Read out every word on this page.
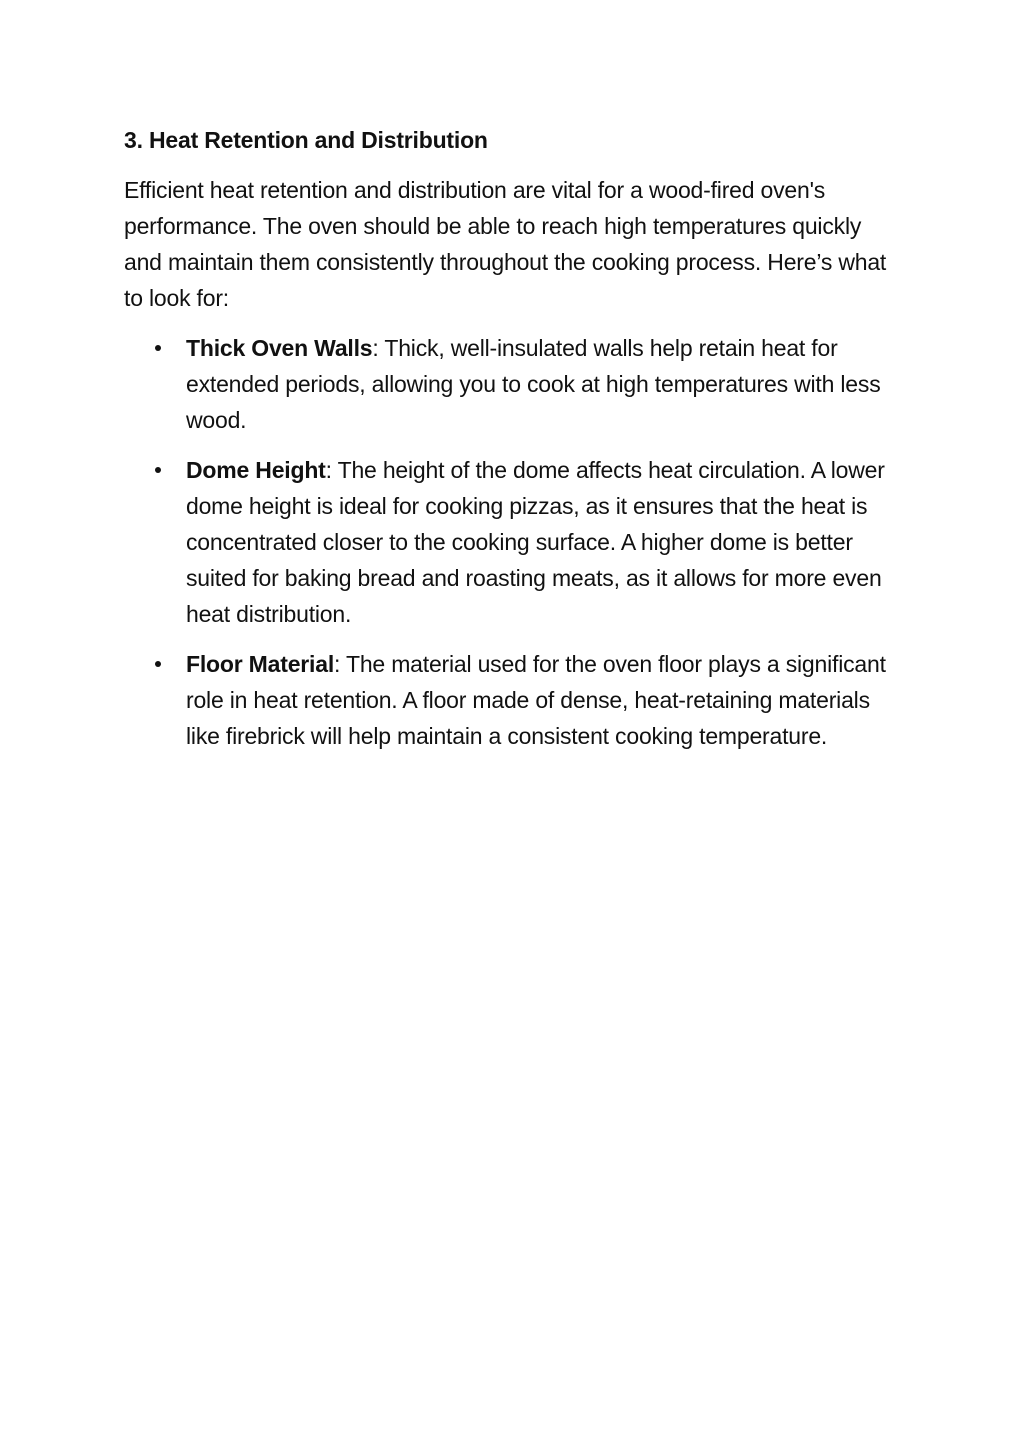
3. Heat Retention and Distribution

Efficient heat retention and distribution are vital for a wood-fired oven's performance. The oven should be able to reach high temperatures quickly and maintain them consistently throughout the cooking process. Here’s what to look for:

Thick Oven Walls: Thick, well-insulated walls help retain heat for extended periods, allowing you to cook at high temperatures with less wood.
Dome Height: The height of the dome affects heat circulation. A lower dome height is ideal for cooking pizzas, as it ensures that the heat is concentrated closer to the cooking surface. A higher dome is better suited for baking bread and roasting meats, as it allows for more even heat distribution.
Floor Material: The material used for the oven floor plays a significant role in heat retention. A floor made of dense, heat-retaining materials like firebrick will help maintain a consistent cooking temperature.
